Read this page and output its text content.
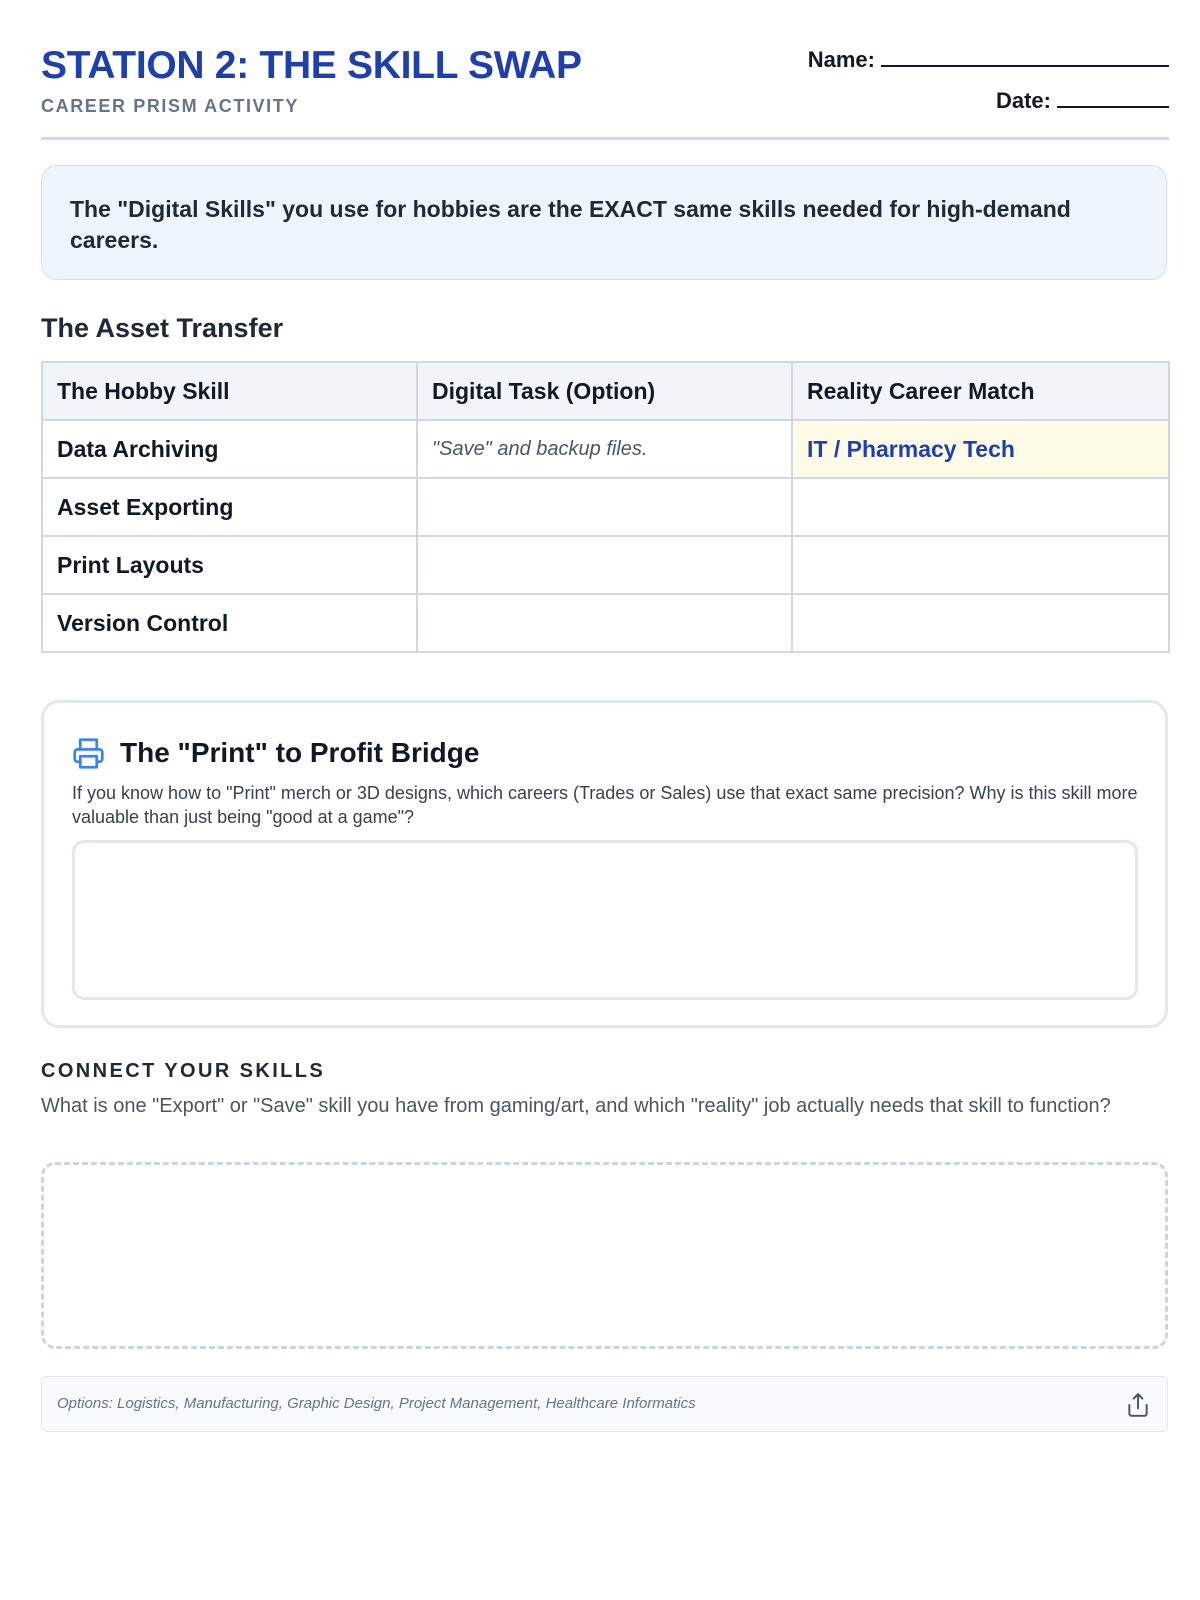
STATION 2: THE SKILL SWAP
CAREER PRISM ACTIVITY
Name:
Date:

The "Digital Skills" you use for hobbies are the EXACT same skills needed for high-demand careers.

The Asset Transfer
The Hobby Skill	Digital Task (Option)	Reality Career Match
Data Archiving	"Save" and backup files.	IT / Pharmacy Tech
Asset Exporting		
Print Layouts		
Version Control		
The "Print" to Profit Bridge
If you know how to "Print" merch or 3D designs, which careers (Trades or Sales) use that exact same precision? Why is this skill more valuable than just being "good at a game"?
CONNECT YOUR SKILLS
What is one "Export" or "Save" skill you have from gaming/art, and which "reality" job actually needs that skill to function?
Options: Logistics, Manufacturing, Graphic Design, Project Management, Healthcare Informatics
